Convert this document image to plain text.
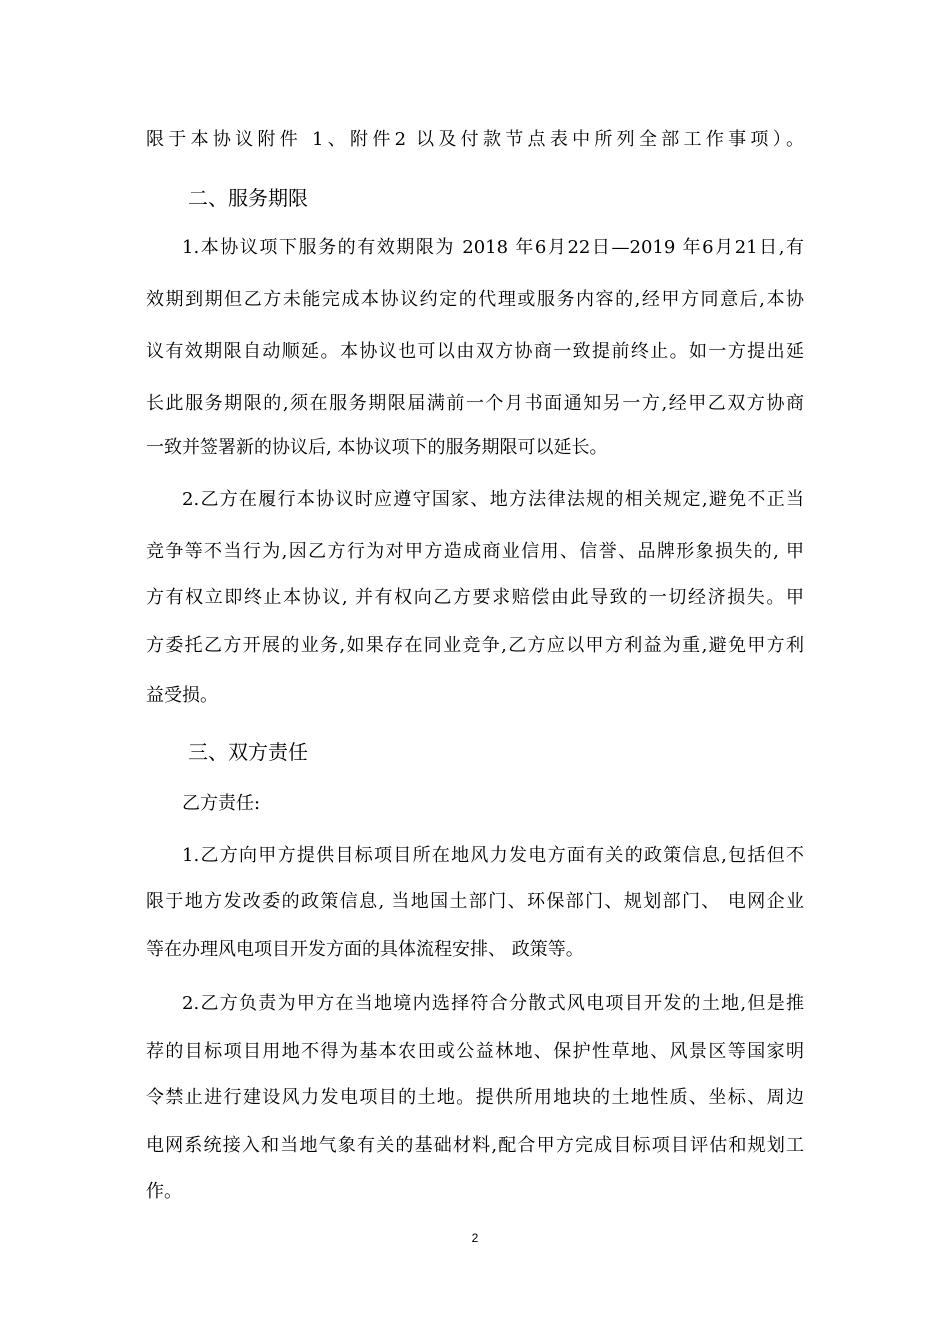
限于本协议附件 1、附件2 以及付款节点表中所列全部工作事项）。

二、服务期限

1.本协议项下服务的有效期限为 2018 年6月22日—2019 年6月21日,有

效期到期但乙方未能完成本协议约定的代理或服务内容的,经甲方同意后,本协

议有效期限自动顺延。本协议也可以由双方协商一致提前终止。如一方提出延

长此服务期限的,须在服务期限届满前一个月书面通知另一方,经甲乙双方协商

一致并签署新的协议后, 本协议项下的服务期限可以延长。

2.乙方在履行本协议时应遵守国家、地方法律法规的相关规定,避免不正当

竞争等不当行为,因乙方行为对甲方造成商业信用、信誉、品牌形象损失的, 甲

方有权立即终止本协议, 并有权向乙方要求赔偿由此导致的一切经济损失。甲

方委托乙方开展的业务,如果存在同业竞争,乙方应以甲方利益为重,避免甲方利

益受损。

三、双方责任

乙方责任:

1.乙方向甲方提供目标项目所在地风力发电方面有关的政策信息,包括但不

限于地方发改委的政策信息, 当地国土部门、环保部门、规划部门、 电网企业

等在办理风电项目开发方面的具体流程安排、 政策等。

2.乙方负责为甲方在当地境内选择符合分散式风电项目开发的土地,但是推

荐的目标项目用地不得为基本农田或公益林地、保护性草地、风景区等国家明

令禁止进行建设风力发电项目的土地。提供所用地块的土地性质、坐标、周边

电网系统接入和当地气象有关的基础材料,配合甲方完成目标项目评估和规划工

作。

2
